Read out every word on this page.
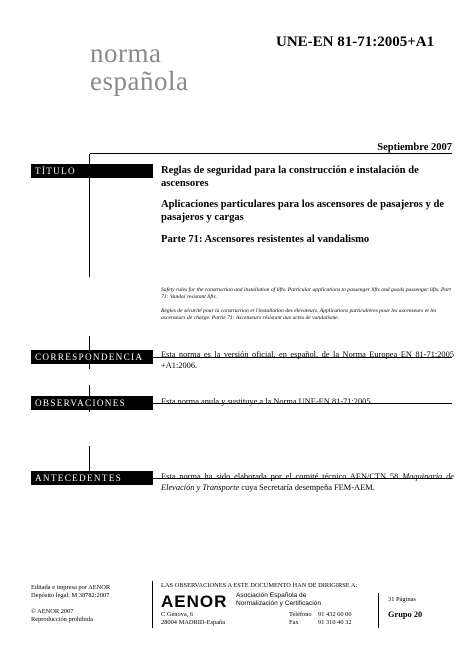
norma
española
UNE-EN 81-71:2005+A1
Septiembre 2007
TÍTULO	Reglas de seguridad para la construcción e instalación de ascensores
Aplicaciones particulares para los ascensores de pasajeros y de pasajeros y cargas
Parte 71: Ascensores resistentes al vandalismo
Safety rules for the construction and installation of lifts. Particular applications to passenger lifts and goods passenger lifts. Part 71: Vandal resistant lifts.
Règles de sécurité pour la construction et l'installation des élévateurs. Applications particulières pour les ascenseurs et les ascenseurs de charge. Partie 71: Ascenseurs résistant aux actes de vandalisme.
CORRESPONDENCIA	Esta norma es la versión oficial, en español, de la Norma Europea EN 81-71:2005 +A1:2006.
OBSERVACIONES	Esta norma anula y sustituye a la Norma UNE-EN 81-71:2005.
ANTECEDENTES	Esta norma ha sido elaborada por el comité técnico AEN/CTN 58 Maquinaria de Elevación y Transporte cuya Secretaría desempeña FEM-AEM.
Editada e impresa por AENOR
Depósito legal: M 38782:2007
© AENOR 2007
Reproducción prohibida
LAS OBSERVACIONES A ESTE DOCUMENTO HAN DE DIRIGIRSE A:
AENOR Asociación Española de
Normalización y Certificación
C Génova, 6
28004 MADRID-España
Teléfono 91 432 60 00
Fax	91 310 40 32
31 Páginas
Grupo 20
